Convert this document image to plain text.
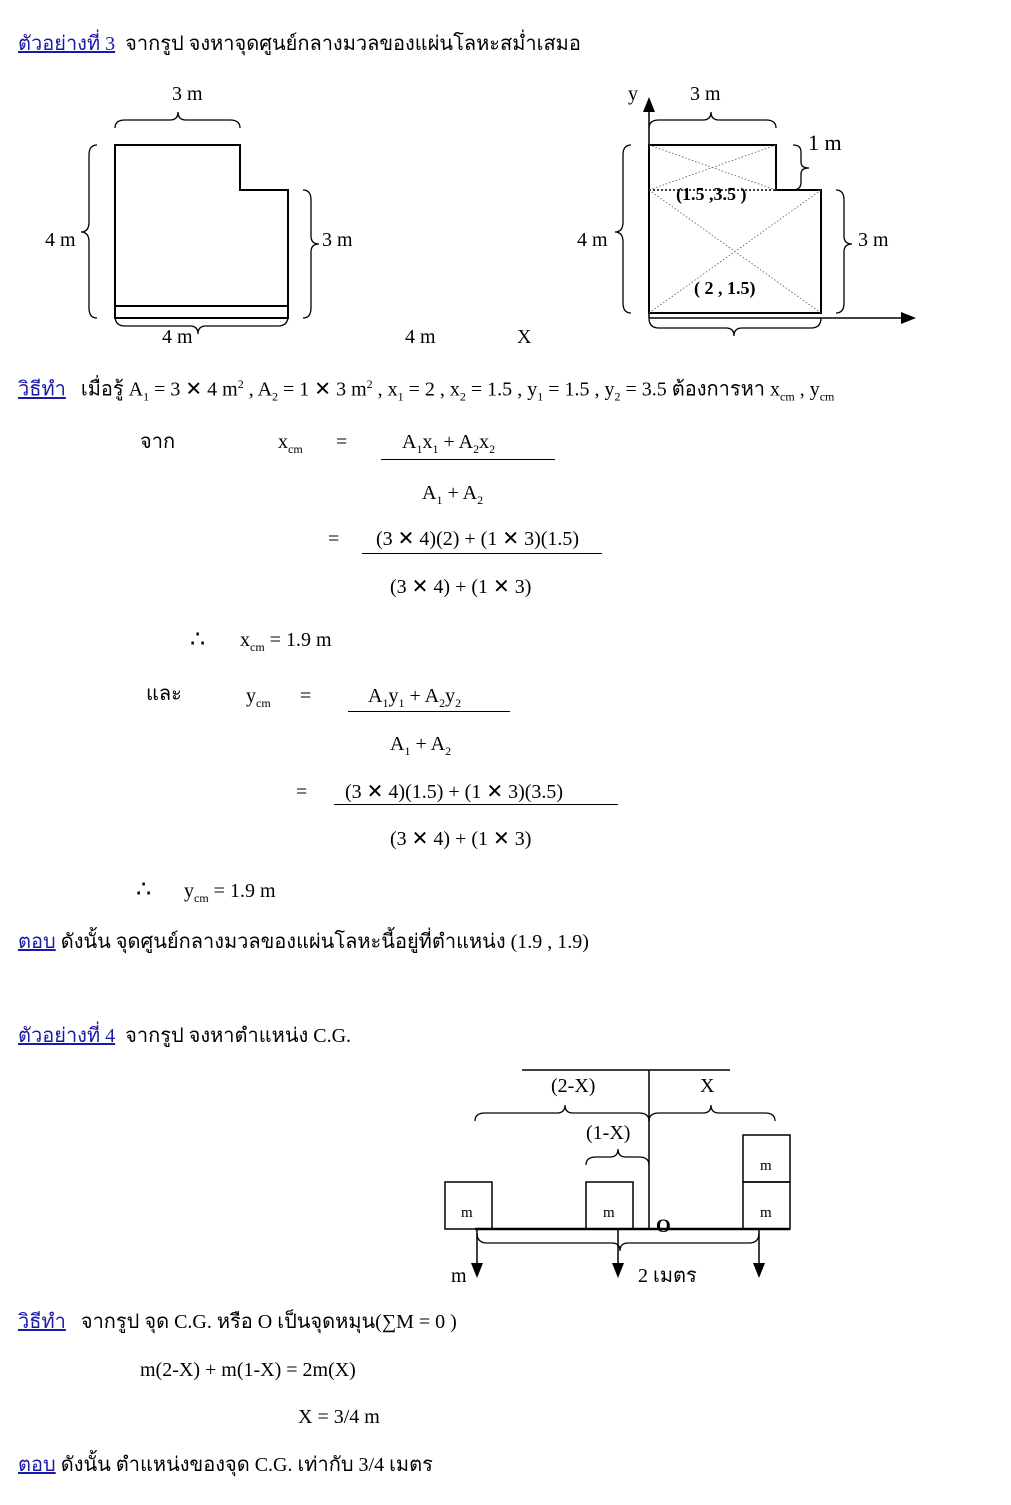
ตัวอย่างที่ 3 จากรูป จงหาจุดศูนย์กลางมวลของแผ่นโลหะสม่ำเสมอ
3 m
4 m	3 m
4 m
y	3 m
1 m
(1.5 ,3.5 )
4 m	3 m
( 2 , 1.5)
4 m	X
วิธีทำ เมื่อรู้ $A_1 = 3$ ✕ 4 $m^2$ , $A_2 = 1$ ✕ 3 $m^2$ , $x_1 = 2$ , $x_2 = 1.5$ , $y_1 = 1.5$ , $y_2 = 3.5$ ต้องการหา $x_{cm}$ , $y_{cm}$
จาก	$x_{cm}$ =	$A_1x_1 + A_2x_2$
$A_1 + A_2$
= (3 ✕ 4)(2) + (1 ✕ 3)(1.5)
(3 ✕ 4) + (1 ✕ 3)
∴ $x_{cm} = 1.9$ m
และ	$y_{cm}$ =	$A_1y_1 + A_2y_2$
$A_1 + A_2$
= (3 ✕ 4)(1.5) + (1 ✕ 3)(3.5)
(3 ✕ 4) + (1 ✕ 3)
∴ $y_{cm} = 1.9$ m
ตอบ ดังนั้น จุดศูนย์กลางมวลของแผ่นโลหะนี้อยู่ที่ตำแหน่ง (1.9 , 1.9)
ตัวอย่างที่ 4 จากรูป จงหาตำแหน่ง C.G.
m	m	m
m
(2-X)	X
(1-X)
O
m	2 เมตร
วิธีทำ จากรูป จุด C.G. หรือ O เป็นจุดหมุน(∑M = 0 )
m(2-X) + m(1-X) = 2m(X)
X = 3/4 m
ตอบ ดังนั้น ตำแหน่งของจุด C.G. เท่ากับ 3/4 เมตร
